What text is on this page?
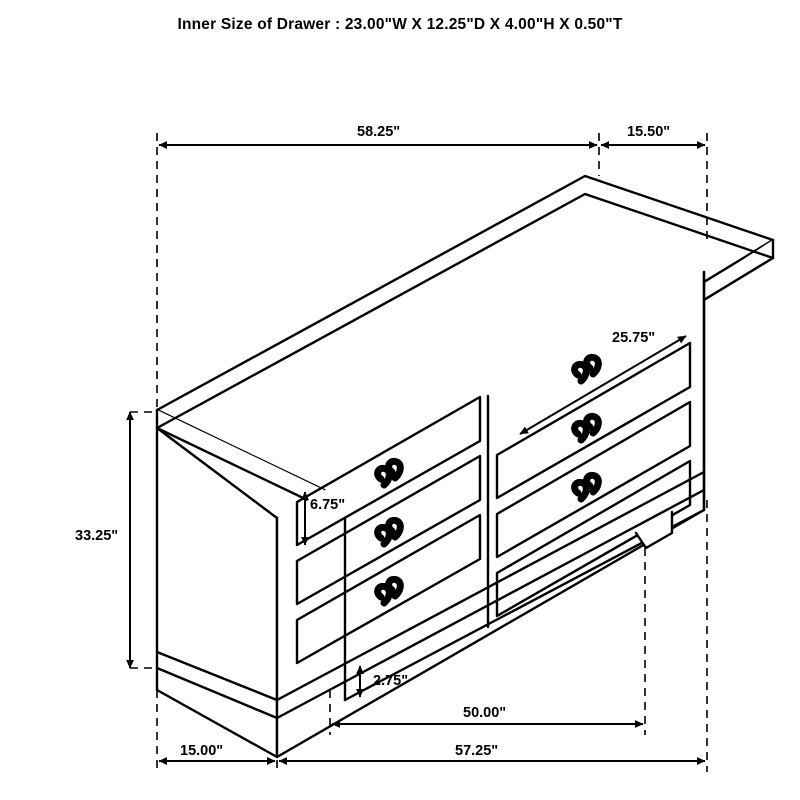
Inner Size of Drawer : 23.00"W X 12.25"D X 4.00"H X 0.50"T
58.25"	15.50"
25.75"
33.25"
6.75"
2.75"
50.00"
15.00"	57.25"
